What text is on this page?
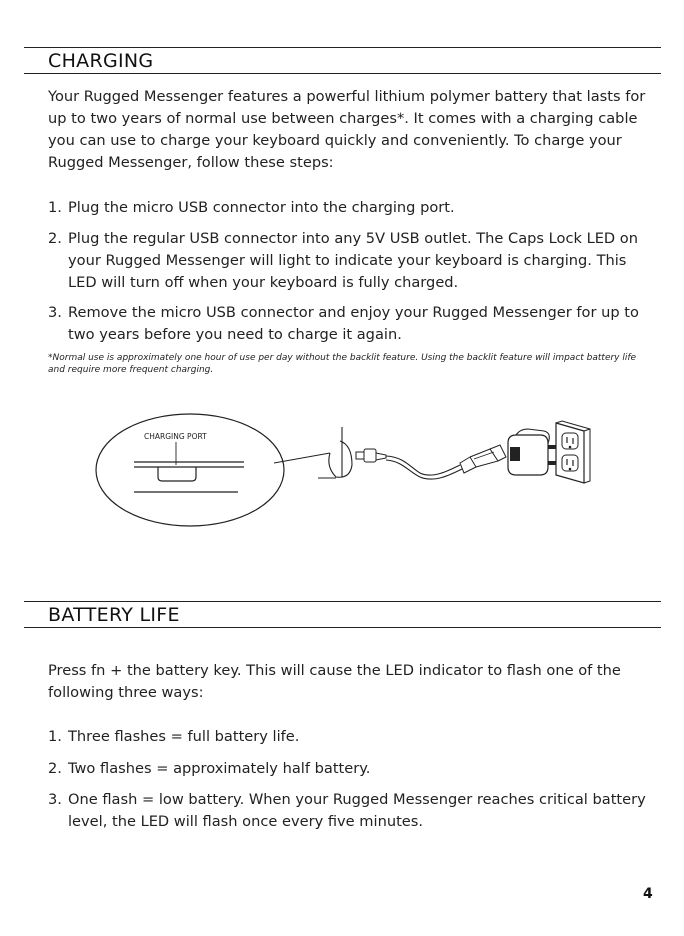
CHARGING

Your Rugged Messenger features a powerful lithium polymer battery that lasts for up to two years of normal use between charges*. It comes with a charging cable you can use to charge your keyboard quickly and conveniently. To charge your Rugged Messenger, follow these steps:

1. Plug the micro USB connector into the charging port.
2. Plug the regular USB connector into any 5V USB outlet. The Caps Lock LED on your Rugged Messenger will light to indicate your keyboard is charging. This LED will turn off when your keyboard is fully charged.
3. Remove the micro USB connector and enjoy your Rugged Messenger for up to two years before you need to charge it again.
*Normal use is approximately one hour of use per day without the backlit feature. Using the backlit feature will impact battery life and require more frequent charging.
CHARGING PORT
BATTERY LIFE

Press fn + the battery key. This will cause the LED indicator to flash one of the following three ways:

1. Three flashes = full battery life.
2. Two flashes = approximately half battery.
3. One flash = low battery. When your Rugged Messenger reaches critical battery level, the LED will flash once every five minutes.
4
